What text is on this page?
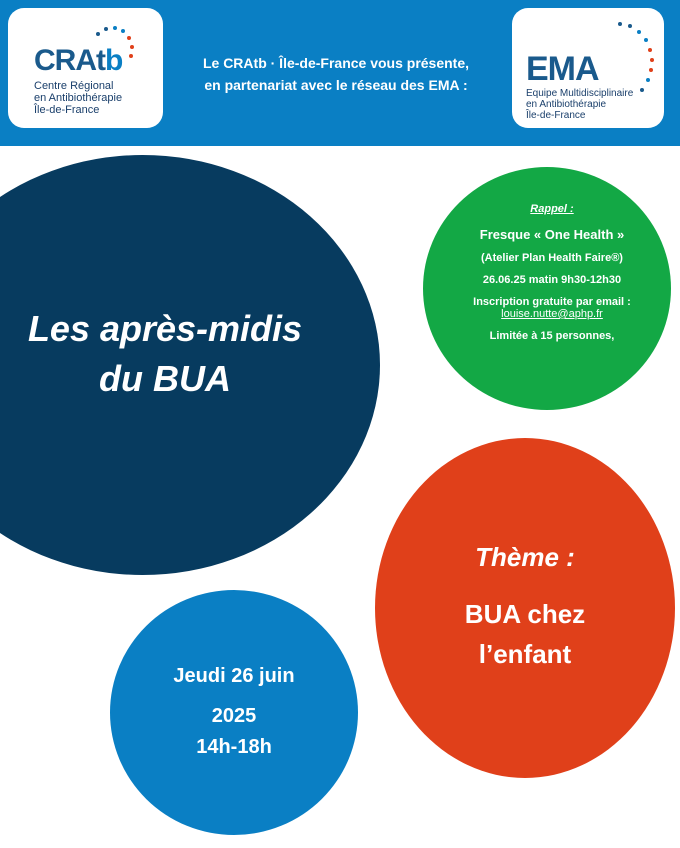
CRAtb
Centre Régional
en Antibiothérapie
Île-de-France
Le CRAtb · Île-de-France vous présente,
en partenariat avec le réseau des EMA :	EMA
Equipe Multidisciplinaire
en Antibiothérapie
Île-de-France
Les après-midis
du BUA
Rappel :
Fresque « One Health »
(Atelier Plan Health Faire®)
26.06.25 matin 9h30-12h30
Inscription gratuite par email :
louise.nutte@aphp.fr
Limitée à 15 personnes,
Thème :
BUA chez
l’enfant
Jeudi 26 juin
2025
14h-18h
